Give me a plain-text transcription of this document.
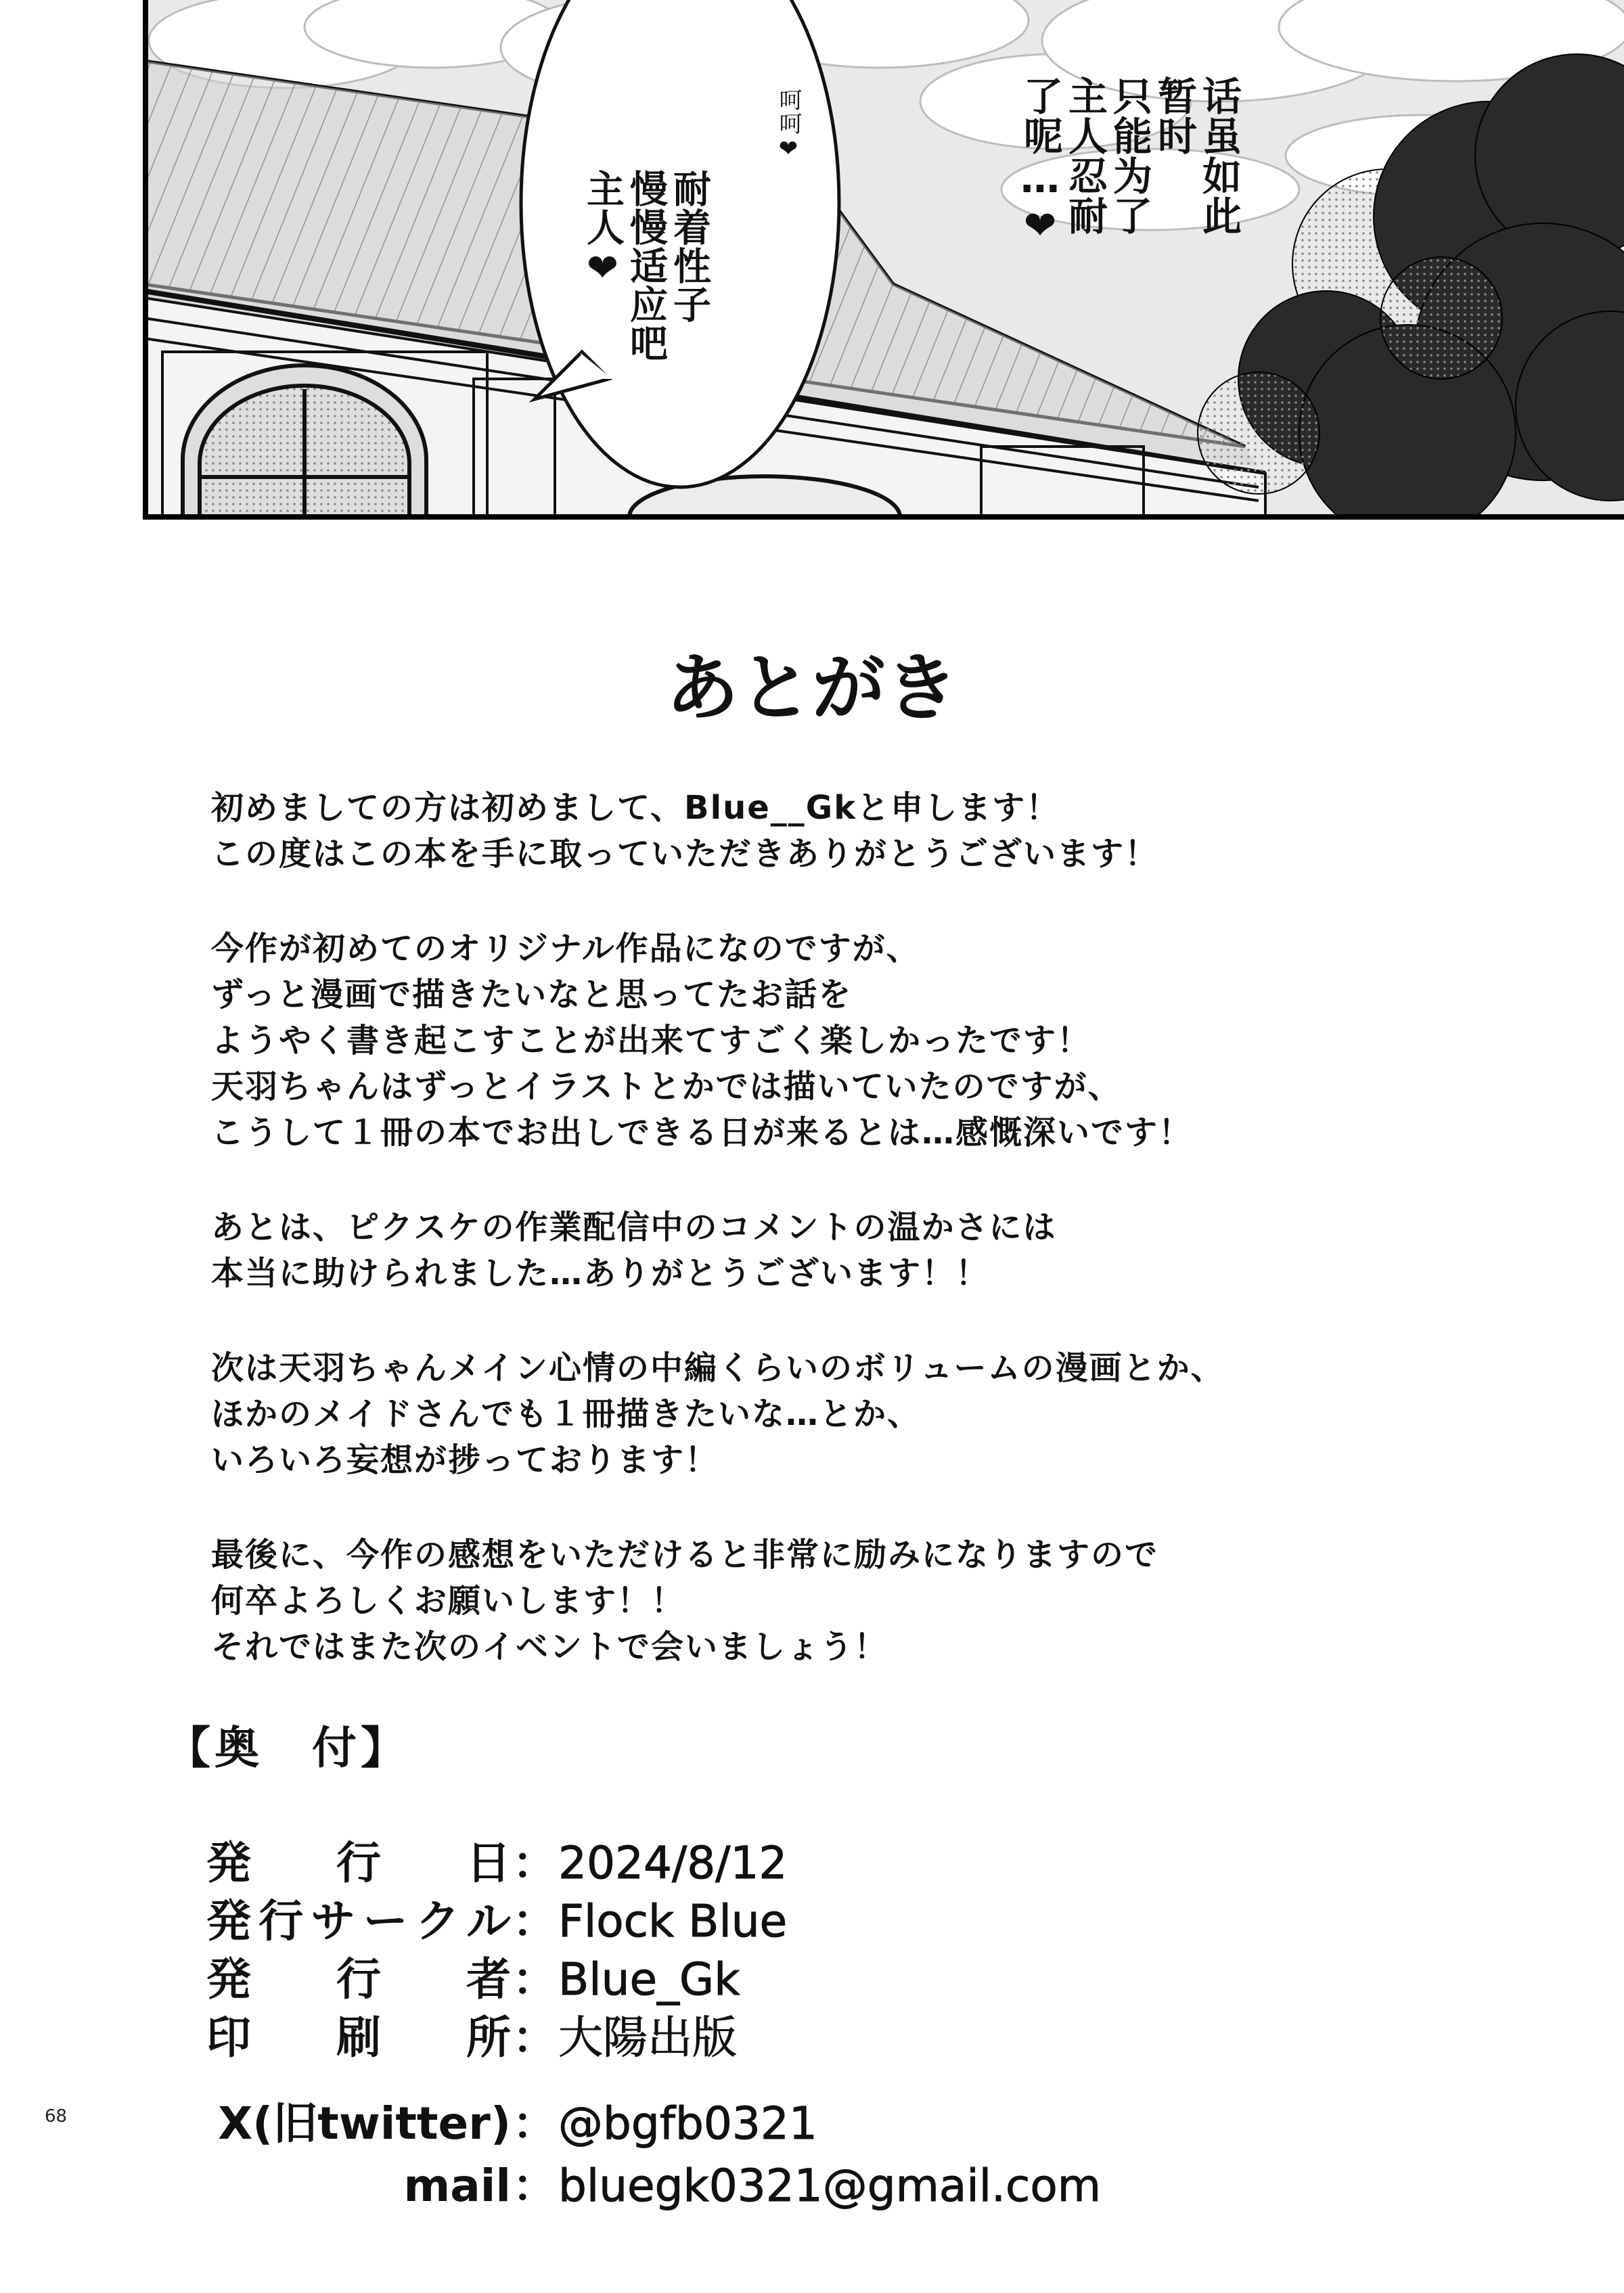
话虽如此
暂时
只能为了
主人忍耐
了呢…❤
耐着性子
慢慢适应吧
主人❤
呵呵❤
あとがき
初めましての方は初めまして、Blue__Gkと申します！
この度はこの本を手に取っていただきありがとうございます！
今作が初めてのオリジナル作品になのですが、
ずっと漫画で描きたいなと思ってたお話を
ようやく書き起こすことが出来てすごく楽しかったです！
天羽ちゃんはずっとイラストとかでは描いていたのですが、
こうして１冊の本でお出しできる日が来るとは…感慨深いです！
あとは、ピクスケの作業配信中のコメントの温かさには
本当に助けられました…ありがとうございます！！
次は天羽ちゃんメイン心情の中編くらいのボリュームの漫画とか、
ほかのメイドさんでも１冊描きたいな…とか、
いろいろ妄想が捗っております！
最後に、今作の感想をいただけると非常に励みになりますので
何卒よろしくお願いします！！
それではまた次のイベントで会いましょう！
【奥　付】
発行日 ： 2024/8/12
発行サークル ： Flock Blue
発行者 ： Blue_Gk
印刷所 ： 大陽出版
X(旧twitter) ： @bgfb0321
mail ： bluegk0321@gmail.com
68
